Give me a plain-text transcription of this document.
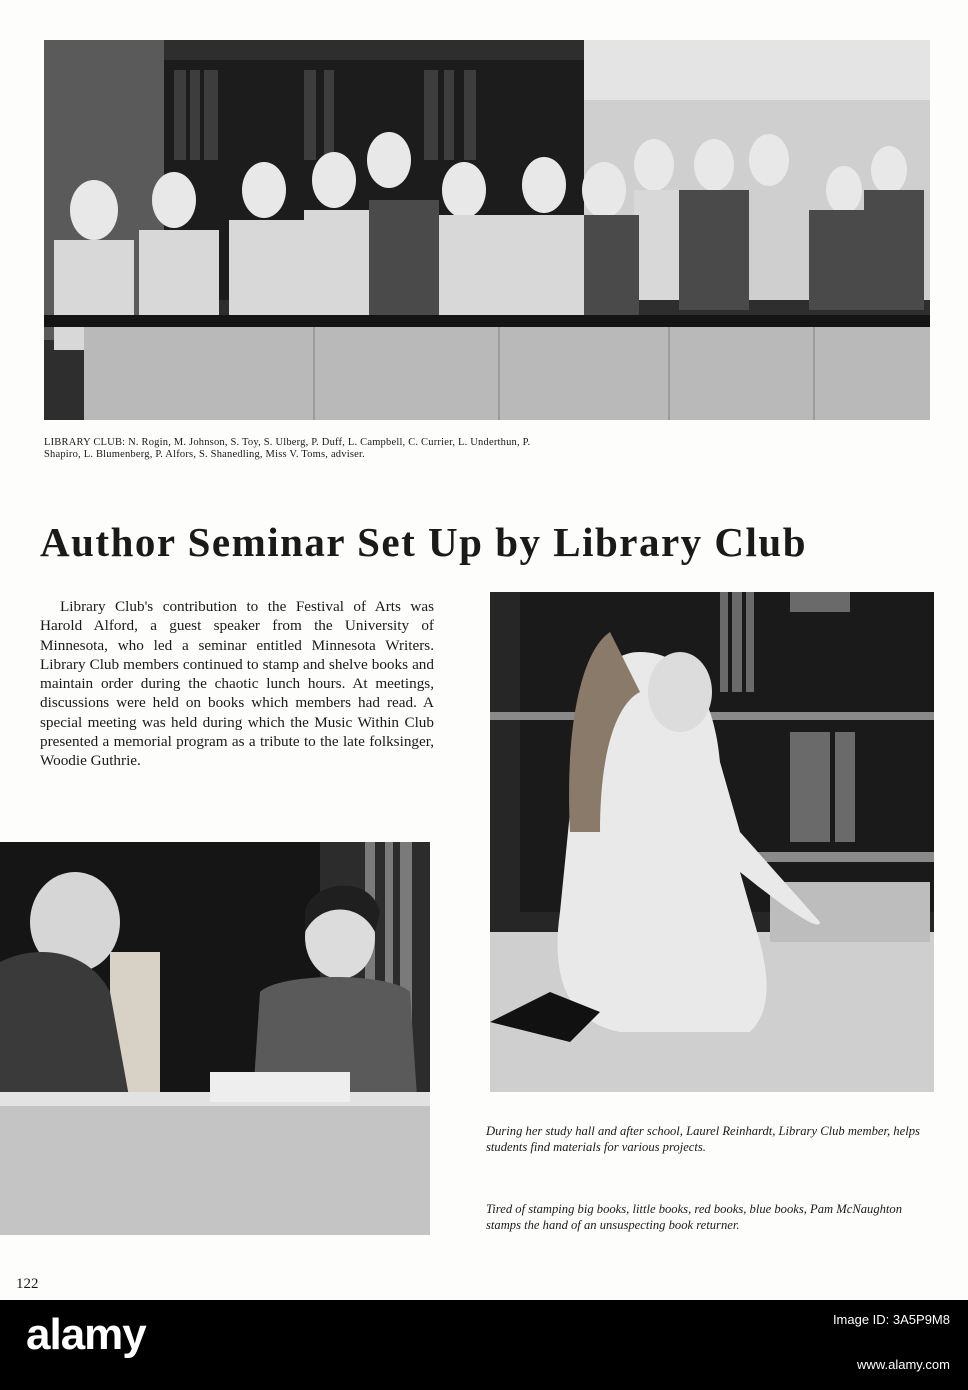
LIBRARY CLUB: N. Rogin, M. Johnson, S. Toy, S. Ulberg, P. Duff, L. Campbell, C. Currier, L. Underthun, P. Shapiro, L. Blumenberg, P. Alfors, S. Shanedling, Miss V. Toms, adviser.
Author Seminar Set Up by Library Club
Library Club's contribution to the Festival of Arts was Harold Alford, a guest speaker from the University of Minnesota, who led a seminar entitled Minnesota Writers. Library Club members continued to stamp and shelve books and maintain order during the chaotic lunch hours. At meetings, discussions were held on books which members had read. A special meeting was held during which the Music Within Club presented a memorial program as a tribute to the late folksinger, Woodie Guthrie.
During her study hall and after school, Laurel Reinhardt, Library Club member, helps students find materials for various projects.
Tired of stamping big books, little books, red books, blue books, Pam McNaughton stamps the hand of an unsuspecting book returner.
122
alamy	Image ID: 3A5P9M8
www.alamy.com
